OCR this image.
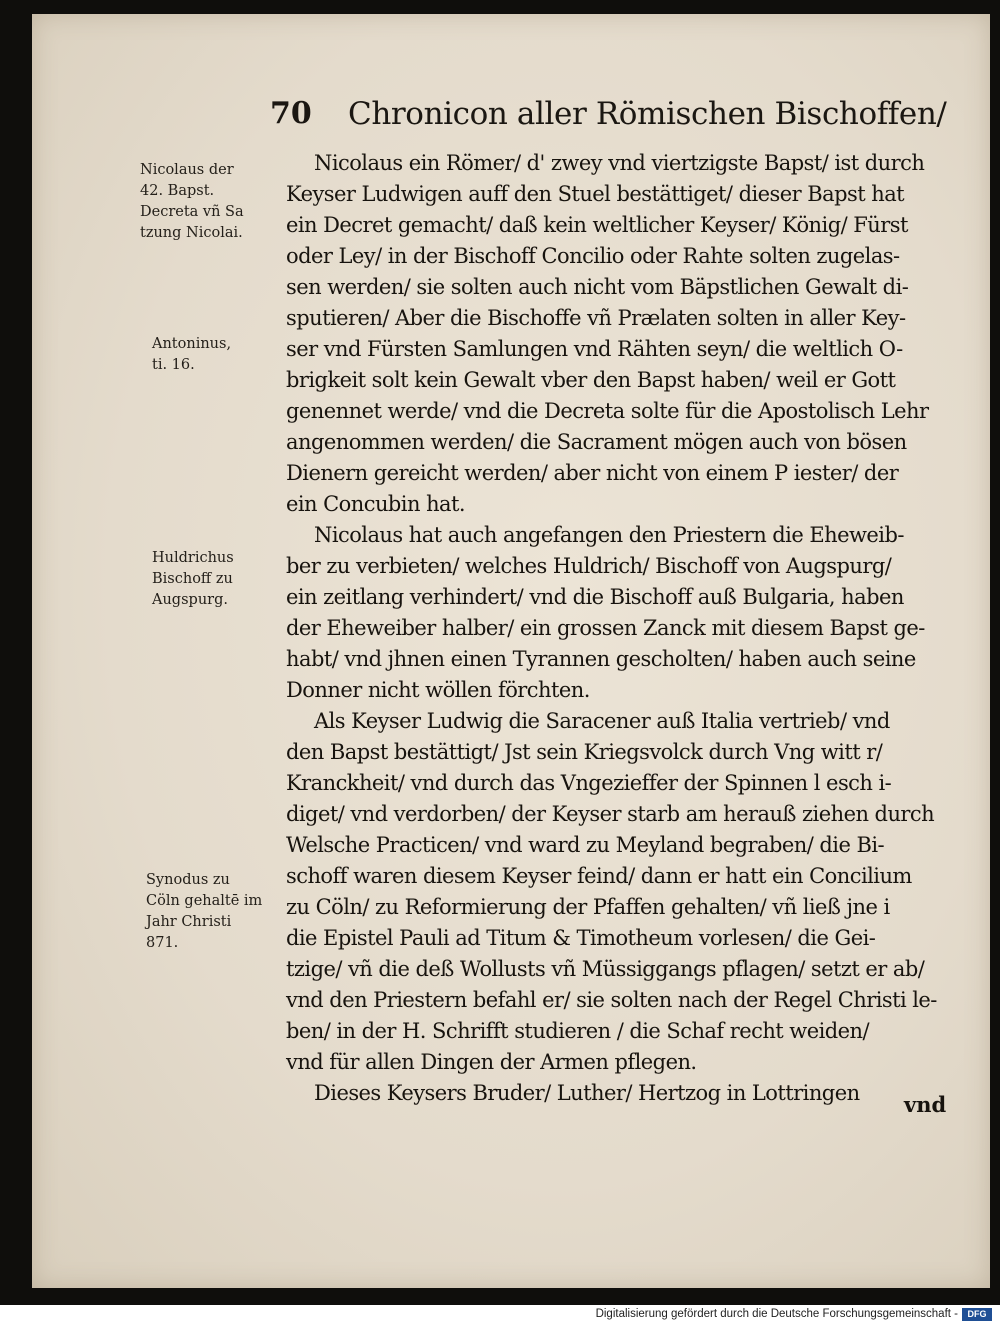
70 Chronicon aller Römischen Bischoffen/
Nicolaus der
42. Bapst.
Decreta vñ Sa
tzung Nicolai.
Antoninus,
ti. 16.
Huldrichus
Bischoff zu
Augspurg.
Synodus zu
Cöln gehaltē im
Jahr Christi
871.
Nicolaus ein Römer/ d' zwey vnd viertzigste Bapst/ ist durch
Keyser Ludwigen auff den Stuel bestättiget/ dieser Bapst hat
ein Decret gemacht/ daß kein weltlicher Keyser/ König/ Fürst
oder Ley/ in der Bischoff Concilio oder Rahte solten zugelas-
sen werden/ sie solten auch nicht vom Bäpstlichen Gewalt di-
sputieren/ Aber die Bischoffe vñ Prælaten solten in aller Key-
ser vnd Fürsten Samlungen vnd Rähten seyn/ die weltlich O-
brigkeit solt kein Gewalt vber den Bapst haben/ weil er Gott
genennet werde/ vnd die Decreta solte für die Apostolisch Lehr
angenommen werden/ die Sacrament mögen auch von bösen
Dienern gereicht werden/ aber nicht von einem P iester/ der
ein Concubin hat.
Nicolaus hat auch angefangen den Priestern die Eheweib-
ber zu verbieten/ welches Huldrich/ Bischoff von Augspurg/
ein zeitlang verhindert/ vnd die Bischoff auß Bulgaria, haben
der Eheweiber halber/ ein grossen Zanck mit diesem Bapst ge-
habt/ vnd jhnen einen Tyrannen gescholten/ haben auch seine
Donner nicht wöllen förchten.
Als Keyser Ludwig die Saracener auß Italia vertrieb/ vnd
den Bapst bestättigt/ Jst sein Kriegsvolck durch Vng witt r/
Kranckheit/ vnd durch das Vngezieffer der Spinnen l esch i-
diget/ vnd verdorben/ der Keyser starb am herauß ziehen durch
Welsche Practicen/ vnd ward zu Meyland begraben/ die Bi-
schoff waren diesem Keyser feind/ dann er hatt ein Concilium
zu Cöln/ zu Reformierung der Pfaffen gehalten/ vñ ließ jne i
die Epistel Pauli ad Titum & Timotheum vorlesen/ die Gei-
tzige/ vñ die deß Wollusts vñ Müssiggangs pflagen/ setzt er ab/
vnd den Priestern befahl er/ sie solten nach der Regel Christi le-
ben/ in der H. Schrifft studieren / die Schaf recht weiden/
vnd für allen Dingen der Armen pflegen.
Dieses Keysers Bruder/ Luther/ Hertzog in Lottringen	vnd
Digitalisierung gefördert durch die Deutsche Forschungsgemeinschaft -	DFG
